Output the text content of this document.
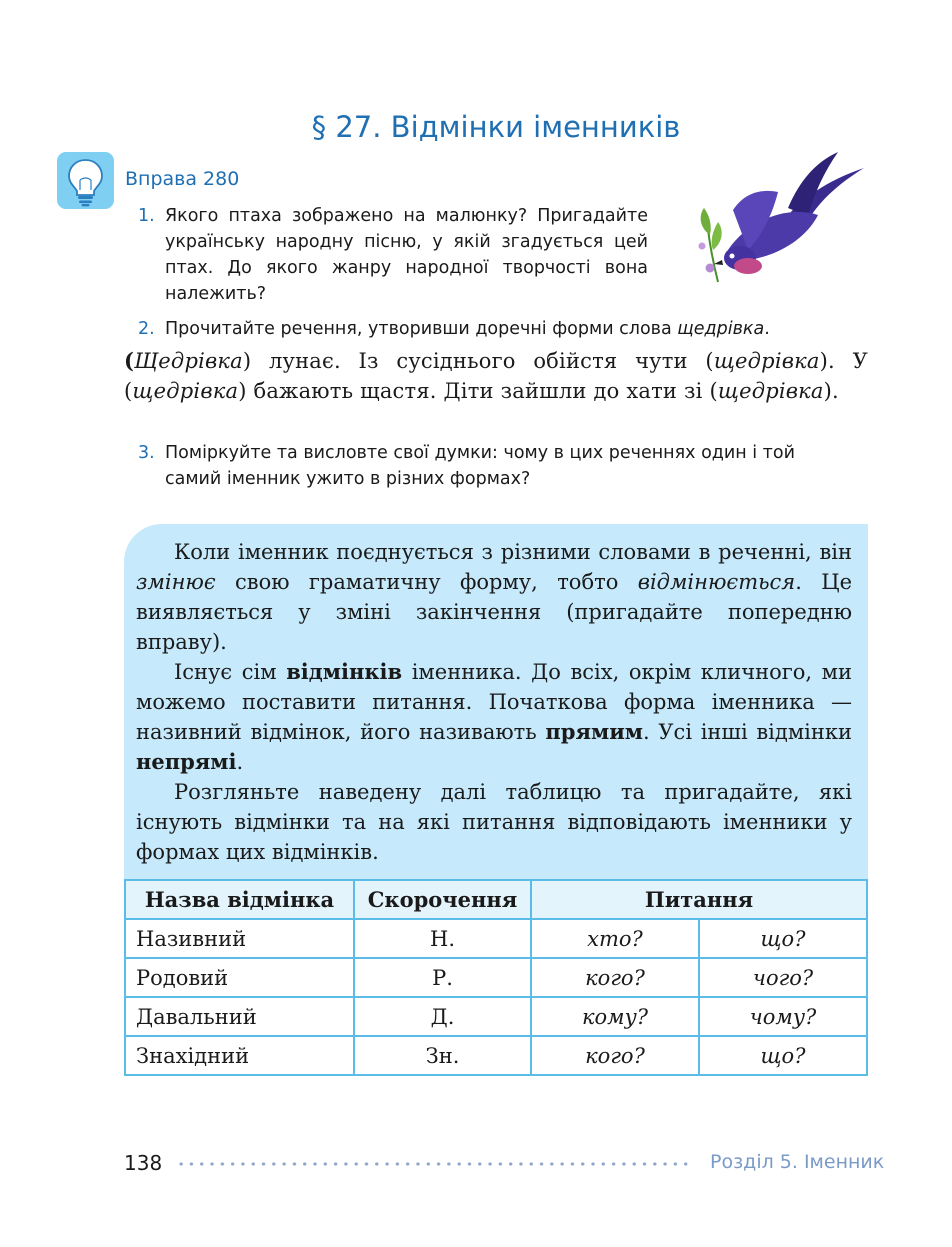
§ 27. Відмінки іменників
Вправа 280
1. Якого птаха зображено на малюнку? Пригадайте українську народну пісню, у якій згадується цей птах. До якого жанру народної творчості вона належить?
2. Прочитайте речення, утворивши доречні форми слова щедрівка.
(Щедрівка) лунає. Із сусіднього обійстя чути (щедрівка). У (щедрівка) бажають щастя. Діти зайшли до хати зі (щедрівка).
3. Поміркуйте та висловте свої думки: чому в цих реченнях один і той
самий іменник ужито в різних формах?

Коли іменник поєднується з різними словами в реченні, він змінює свою граматичну форму, тобто відмінюється. Це виявляється у зміні закінчення (пригадайте попередню вправу).

Існує сім відмінків іменника. До всіх, окрім кличного, ми можемо поставити питання. Початкова форма іменника — називний відмінок, його називають прямим. Усі інші відмінки непрямі.

Розгляньте наведену далі таблицю та пригадайте, які існують відмінки та на які питання відповідають іменники у формах цих відмінків.

Назва відмінка	Скорочення	Питання	
Називний	Н.	хто?	що?
Родовий	Р.	кого?	чого?
Давальний	Д.	кому?	чому?
Знахідний	Зн.	кого?	що?
138	Розділ 5. Іменник
